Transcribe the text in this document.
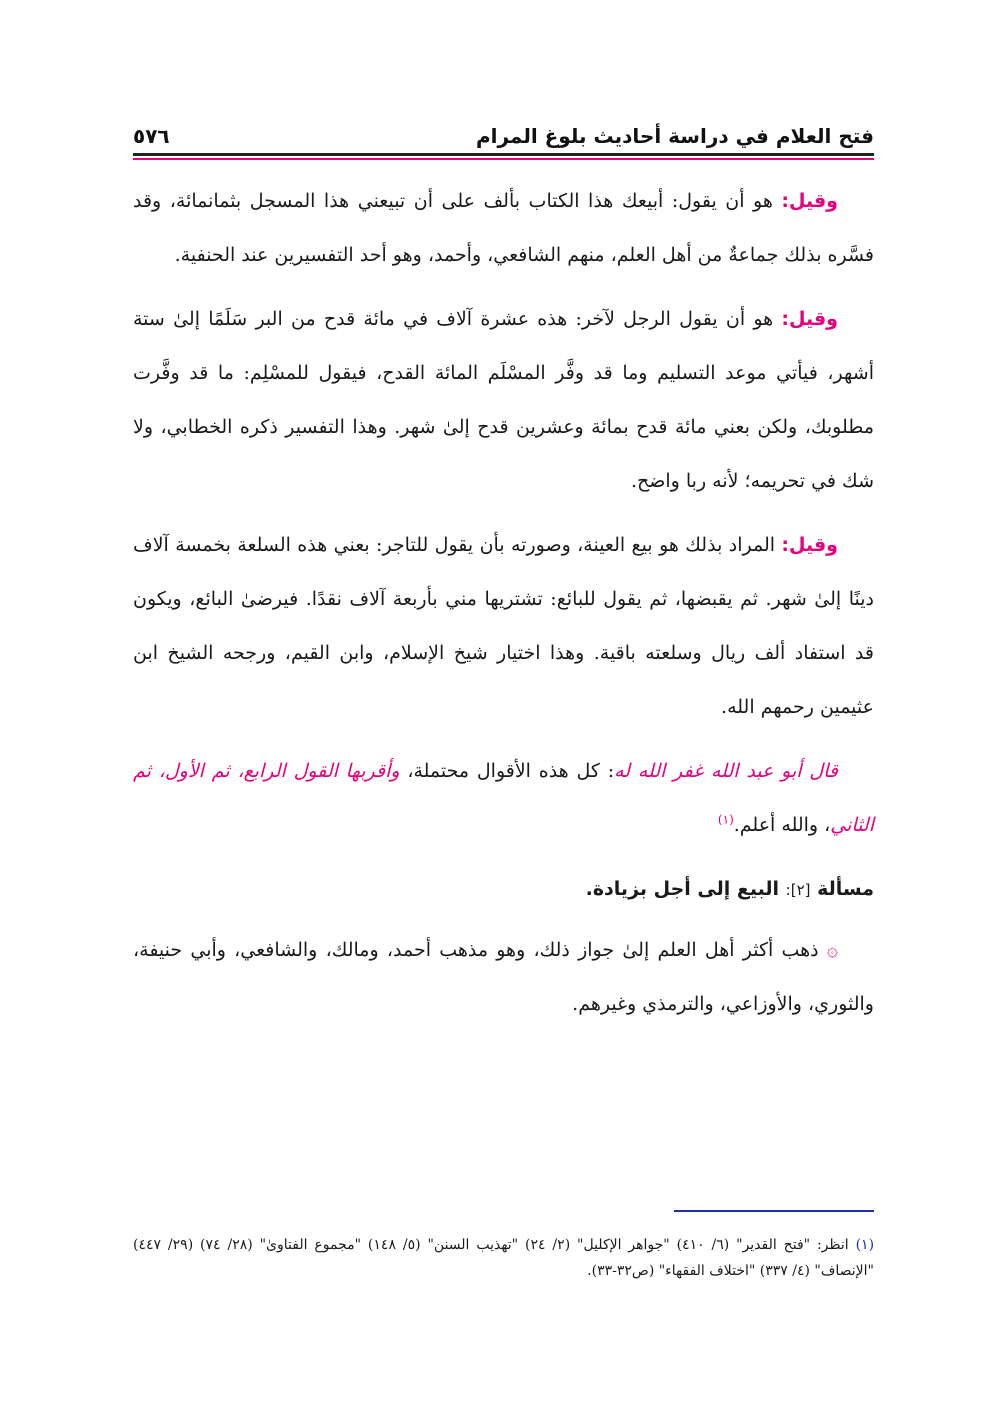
فتح العلام في دراسة أحاديث بلوغ المرام
٥٧٦

وقيل: هو أن يقول: أبيعك هذا الكتاب بألف على أن تبيعني هذا المسجل بثمانمائة، وقد فسَّره بذلك جماعةٌ من أهل العلم، منهم الشافعي، وأحمد، وهو أحد التفسيرين عند الحنفية.

وقيل: هو أن يقول الرجل لآخر: هذه عشرة آلاف في مائة قدح من البر سَلَمًا إلىٰ ستة أشهر، فيأتي موعد التسليم وما قد وفَّر المسْلَم المائة القدح، فيقول للمسْلِم: ما قد وفَّرت مطلوبك، ولكن بعني مائة قدح بمائة وعشرين قدح إلىٰ شهر. وهذا التفسير ذكره الخطابي، ولا شك في تحريمه؛ لأنه ربا واضح.

وقيل: المراد بذلك هو بيع العينة، وصورته بأن يقول للتاجر: بعني هذه السلعة بخمسة آلاف دينًا إلىٰ شهر. ثم يقبضها، ثم يقول للبائع: تشتريها مني بأربعة آلاف نقدًا. فيرضىٰ البائع، ويكون قد استفاد ألف ريال وسلعته باقية. وهذا اختيار شيخ الإسلام، وابن القيم، ورجحه الشيخ ابن عثيمين رحمهم الله.

قال أبو عبد الله غفر الله له: كل هذه الأقوال محتملة، وأقربها القول الرابع، ثم الأول، ثم الثاني، والله أعلم.$^{(١)}$

مسألة [٢]: البيع إلى أجل بزيادة.

۞ ذهب أكثر أهل العلم إلىٰ جواز ذلك، وهو مذهب أحمد، ومالك، والشافعي، وأبي حنيفة، والثوري، والأوزاعي، والترمذي وغيرهم.

(١) انظر: "فتح القدير" (٦/ ٤١٠) "جواهر الإكليل" (٢/ ٢٤) "تهذيب السنن" (٥/ ١٤٨) "مجموع الفتاوىٰ" (٢٨/ ٧٤) (٢٩/ ٤٤٧) "الإنصاف" (٤/ ٣٣٧) "اختلاف الفقهاء" (ص٣٢-٣٣).
